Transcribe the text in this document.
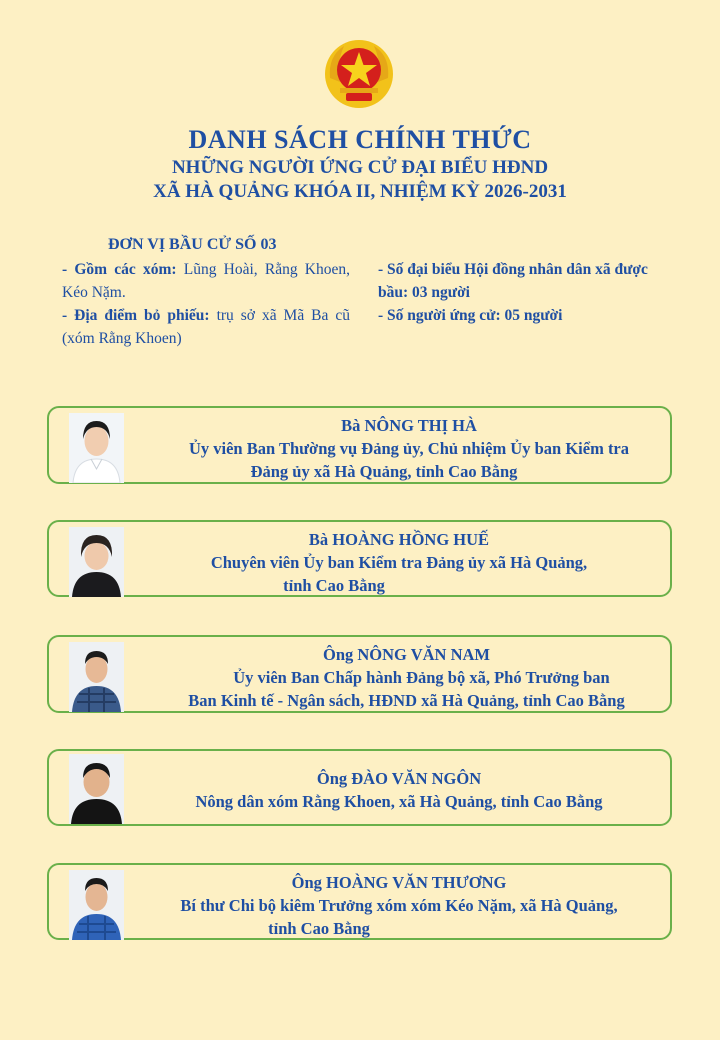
DANH SÁCH CHÍNH THỨC
NHỮNG NGƯỜI ỨNG CỬ ĐẠI BIỂU HĐND
XÃ HÀ QUẢNG KHÓA II, NHIỆM KỲ 2026-2031
ĐƠN VỊ BẦU CỬ SỐ 03
- Gồm các xóm: Lũng Hoài, Rằng Khoen, Kéo Nặm.
- Địa điểm bỏ phiếu: trụ sở xã Mã Ba cũ (xóm Rằng Khoen)
- Số đại biểu Hội đồng nhân dân xã được bầu: 03 người
- Số người ứng cử: 05 người
Bà NÔNG THỊ HÀ
Ủy viên Ban Thường vụ Đảng ủy, Chủ nhiệm Ủy ban Kiểm tra
Đảng ủy xã Hà Quảng, tỉnh Cao Bằng
Bà HOÀNG HỒNG HUẾ
Chuyên viên Ủy ban Kiểm tra Đảng ủy xã Hà Quảng,
tỉnh Cao Bằng
Ông NÔNG VĂN NAM
Ủy viên Ban Chấp hành Đảng bộ xã, Phó Trưởng ban
Ban Kinh tế - Ngân sách, HĐND xã Hà Quảng, tỉnh Cao Bằng
Ông ĐÀO VĂN NGÔN
Nông dân xóm Rằng Khoen, xã Hà Quảng, tỉnh Cao Bằng
Ông HOÀNG VĂN THƯƠNG
Bí thư Chi bộ kiêm Trưởng xóm xóm Kéo Nặm, xã Hà Quảng,
tỉnh Cao Bằng
